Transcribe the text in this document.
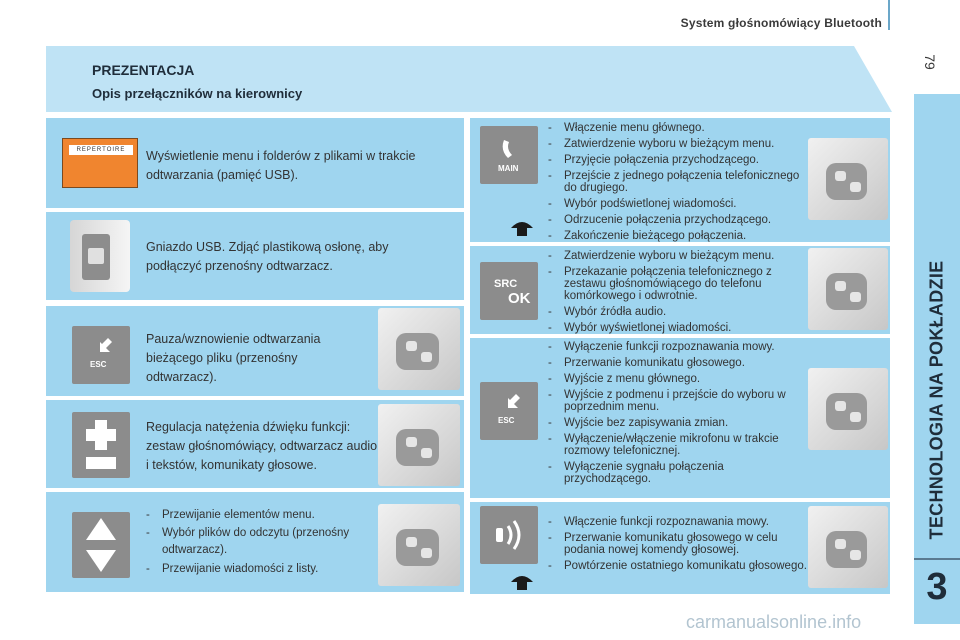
System głośnomówiący Bluetooth
79
TECHNOLOGIA NA POKŁADZIE
3
PREZENTACJA
Opis przełączników na kierownicy
REPERTOIRE	Wyświetlenie menu i folderów z plikami w trakcie odtwarzania (pamięć USB).
Gniazdo USB. Zdjąć plastikową osłonę, aby podłączyć przenośny odtwarzacz.
ESC
Pauza/wznowienie odtwarzania bieżącego pliku (przenośny odtwarzacz).
Regulacja natężenia dźwięku funkcji: zestaw głośnomówiący, odtwarzacz audio i tekstów, komunikaty głosowe.
- Przewijanie elementów menu.
- Wybór plików do odczytu (przenośny odtwarzacz).
- Przewijanie wiadomości z listy.
MAIN
- Włączenie menu głównego.
- Zatwierdzenie wyboru w bieżącym menu.
- Przyjęcie połączenia przychodzącego.
- Przejście z jednego połączenia telefonicznego do drugiego.
- Wybór podświetlonej wiadomości.
- Odrzucenie połączenia przychodzącego.
- Zakończenie bieżącego połączenia.
SRC
OK
- Zatwierdzenie wyboru w bieżącym menu.
- Przekazanie połączenia telefonicznego z zestawu głośnomówiącego do telefonu komórkowego i odwrotnie.
- Wybór źródła audio.
- Wybór wyświetlonej wiadomości.
ESC
- Wyłączenie funkcji rozpoznawania mowy.
- Przerwanie komunikatu głosowego.
- Wyjście z menu głównego.
- Wyjście z podmenu i przejście do wyboru w poprzednim menu.
- Wyjście bez zapisywania zmian.
- Wyłączenie/włączenie mikrofonu w trakcie rozmowy telefonicznej.
- Wyłączenie sygnału połączenia przychodzącego.
- Włączenie funkcji rozpoznawania mowy.
- Przerwanie komunikatu głosowego w celu podania nowej komendy głosowej.
- Powtórzenie ostatniego komunikatu głosowego.
carmanualsonline.info
